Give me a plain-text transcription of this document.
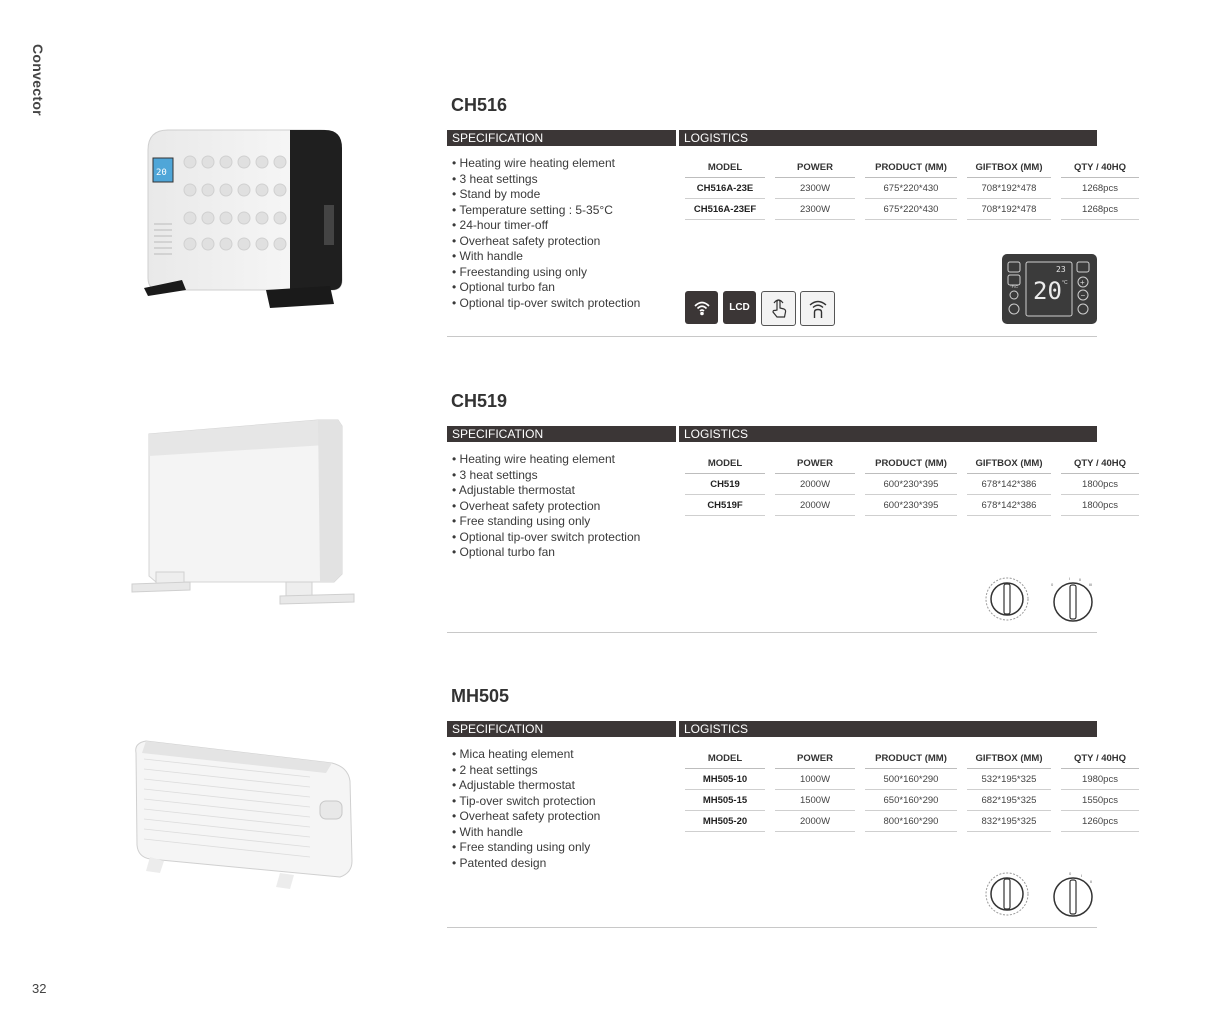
Convector
32
20
CH516
SPECIFICATION	LOGISTICS
• Heating wire heating element
• 3 heat settings
• Stand by mode
• Temperature setting : 5-35°C
• 24-hour timer-off
• Overheat safety protection
• With handle
• Freestanding using only
• Optional turbo fan
• Optional tip-over switch protection
MODEL		POWER		PRODUCT (MM)		GIFTBOX (MM)		QTY / 40HQ
CH516A-23E		2300W		675*220*430		708*192*478		1268pcs
CH516A-23EF		2300W		675*220*430		708*192*478		1268pcs
LCD
°F/C
23
20 °C +
−
CH519
SPECIFICATION	LOGISTICS
• Heating wire heating element
• 3 heat settings
• Adjustable thermostat
• Overheat safety protection
• Free standing using only
• Optional tip-over switch protection
• Optional turbo fan
MODEL		POWER		PRODUCT (MM)		GIFTBOX (MM)		QTY / 40HQ
CH519		2000W		600*230*395		678*142*386		1800pcs
CH519F		2000W		600*230*395		678*142*386		1800pcs
0
I II
III
MH505
SPECIFICATION	LOGISTICS
• Mica heating element
• 2 heat settings
• Adjustable thermostat
• Tip-over switch protection
• Overheat safety protection
• With handle
• Free standing using only
• Patented design
MODEL		POWER		PRODUCT (MM)		GIFTBOX (MM)		QTY / 40HQ
MH505-10		1000W		500*160*290		532*195*325		1980pcs
MH505-15		1500W		650*160*290		682*195*325		1550pcs
MH505-20		2000W		800*160*290		832*195*325		1260pcs
0 I
II
